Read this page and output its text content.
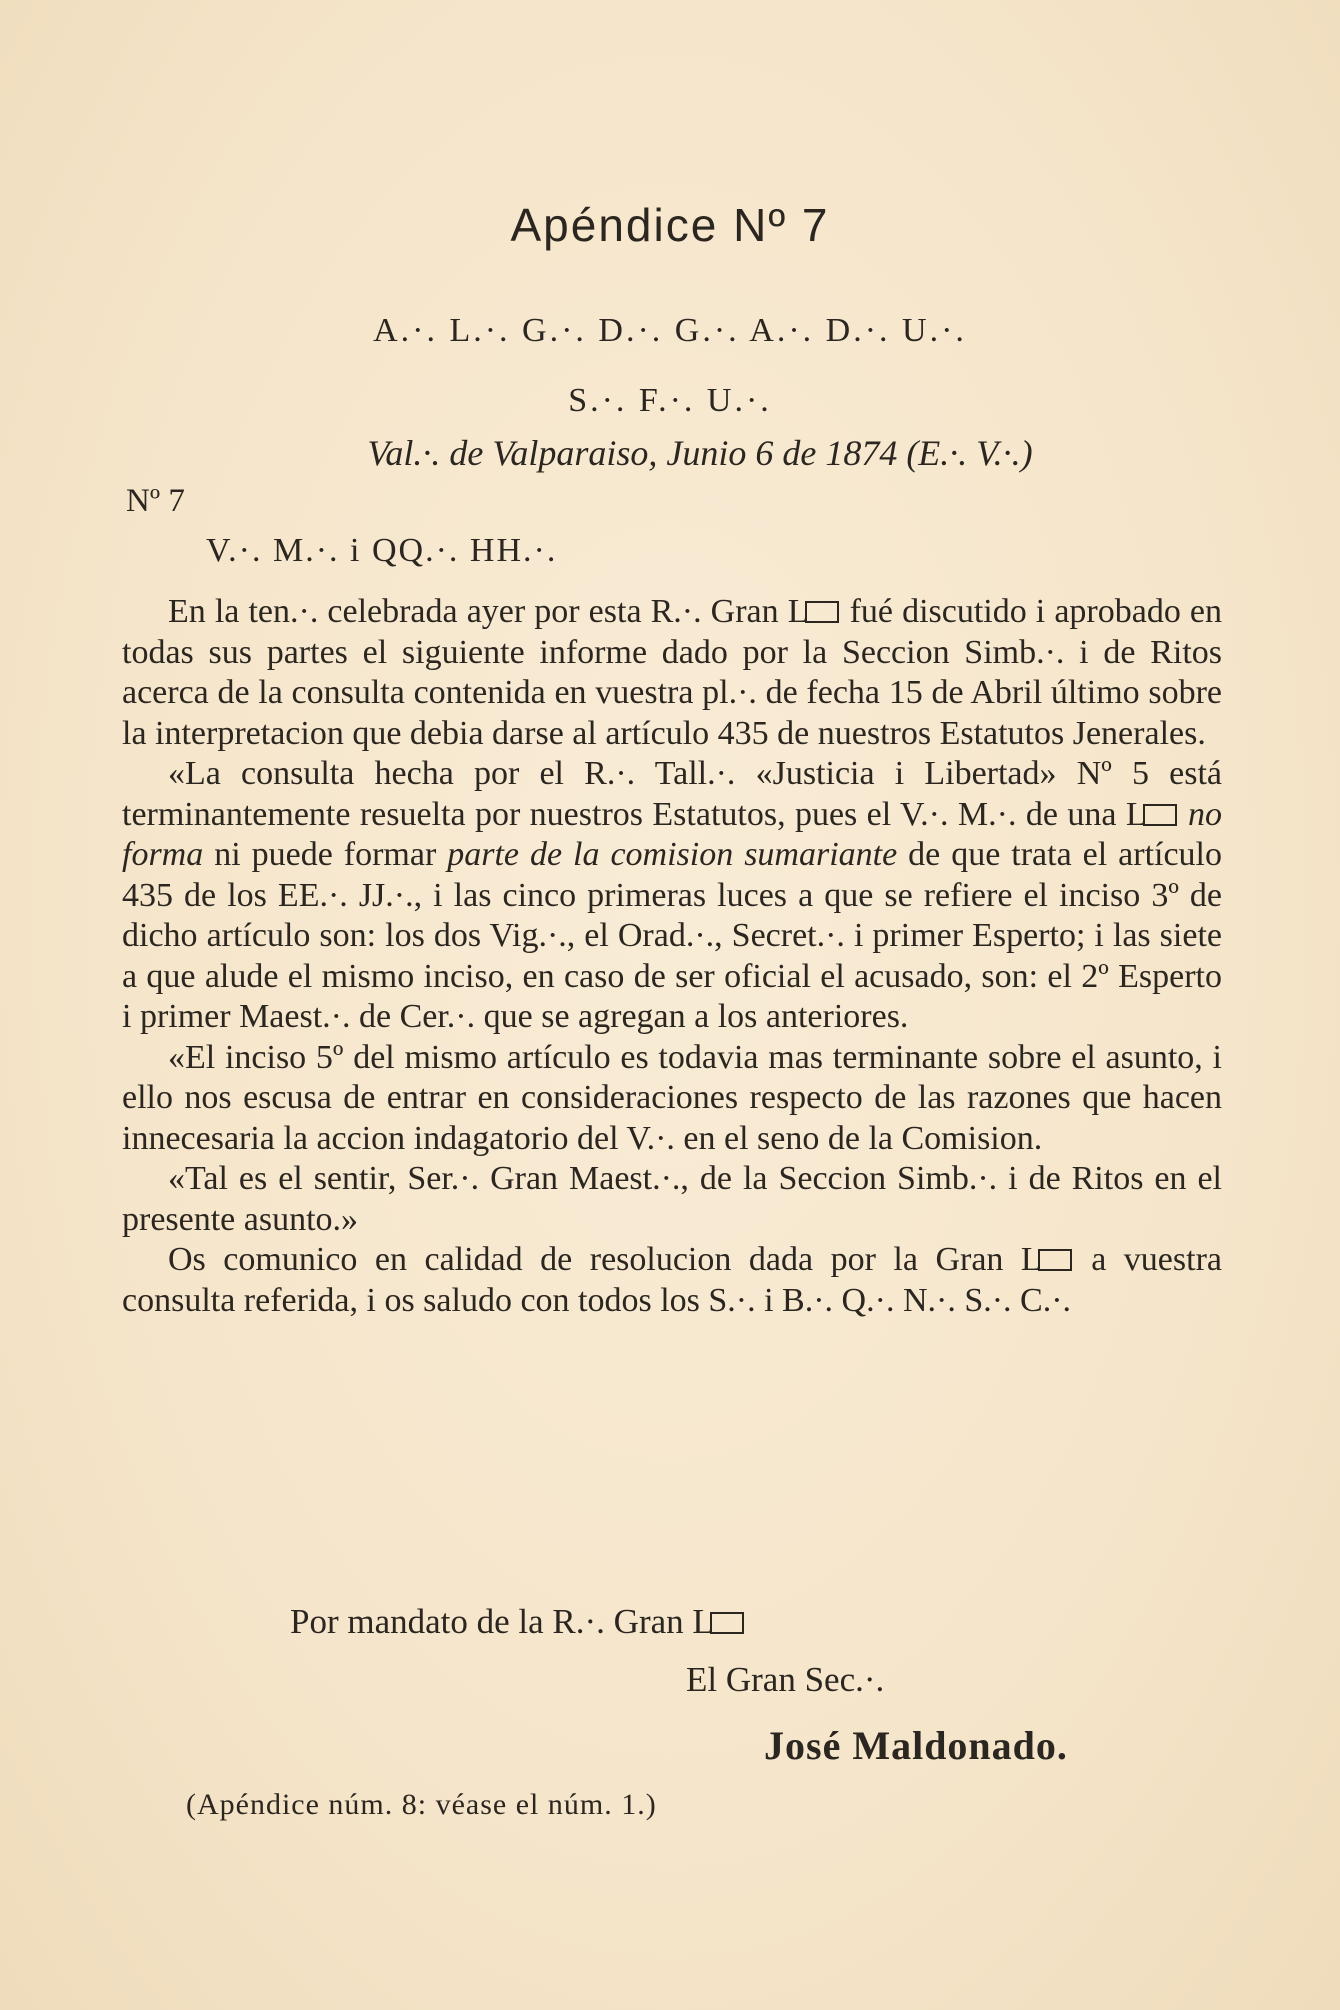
Apéndice Nº 7
A.·. L.·. G.·. D.·. G.·. A.·. D.·. U.·.
S.·. F.·. U.·.
Val.·. de Valparaiso, Junio 6 de 1874 (E.·. V.·.)
Nº 7
V.·. M.·. i QQ.·. HH.·.

En la ten.·. celebrada ayer por esta R.·. Gran L fué discutido i aprobado en todas sus partes el siguiente informe dado por la Seccion Simb.·. i de Ritos acerca de la consulta contenida en vuestra pl.·. de fecha 15 de Abril último sobre la interpretacion que debia darse al artículo 435 de nuestros Estatutos Jenerales.

«La consulta hecha por el R.·. Tall.·. «Justicia i Libertad» Nº 5 está terminantemente resuelta por nuestros Estatutos, pues el V.·. M.·. de una L no forma ni puede formar parte de la comision sumariante de que trata el artículo 435 de los EE.·. JJ.·., i las cinco primeras luces a que se refiere el inciso 3º de dicho artículo son: los dos Vig.·., el Orad.·., Secret.·. i primer Esperto; i las siete a que alude el mismo inciso, en caso de ser oficial el acusado, son: el 2º Esperto i primer Maest.·. de Cer.·. que se agregan a los anteriores.

«El inciso 5º del mismo artículo es todavia mas terminante sobre el asunto, i ello nos escusa de entrar en consideraciones respecto de las razones que hacen innecesaria la accion indagatorio del V.·. en el seno de la Comision.

«Tal es el sentir, Ser.·. Gran Maest.·., de la Seccion Simb.·. i de Ritos en el presente asunto.»

Os comunico en calidad de resolucion dada por la Gran L a vuestra consulta referida, i os saludo con todos los S.·. i B.·. Q.·. N.·. S.·. C.·.

Por mandato de la R.·. Gran L
El Gran Sec.·.
José Maldonado.
(Apéndice núm. 8: véase el núm. 1.)
